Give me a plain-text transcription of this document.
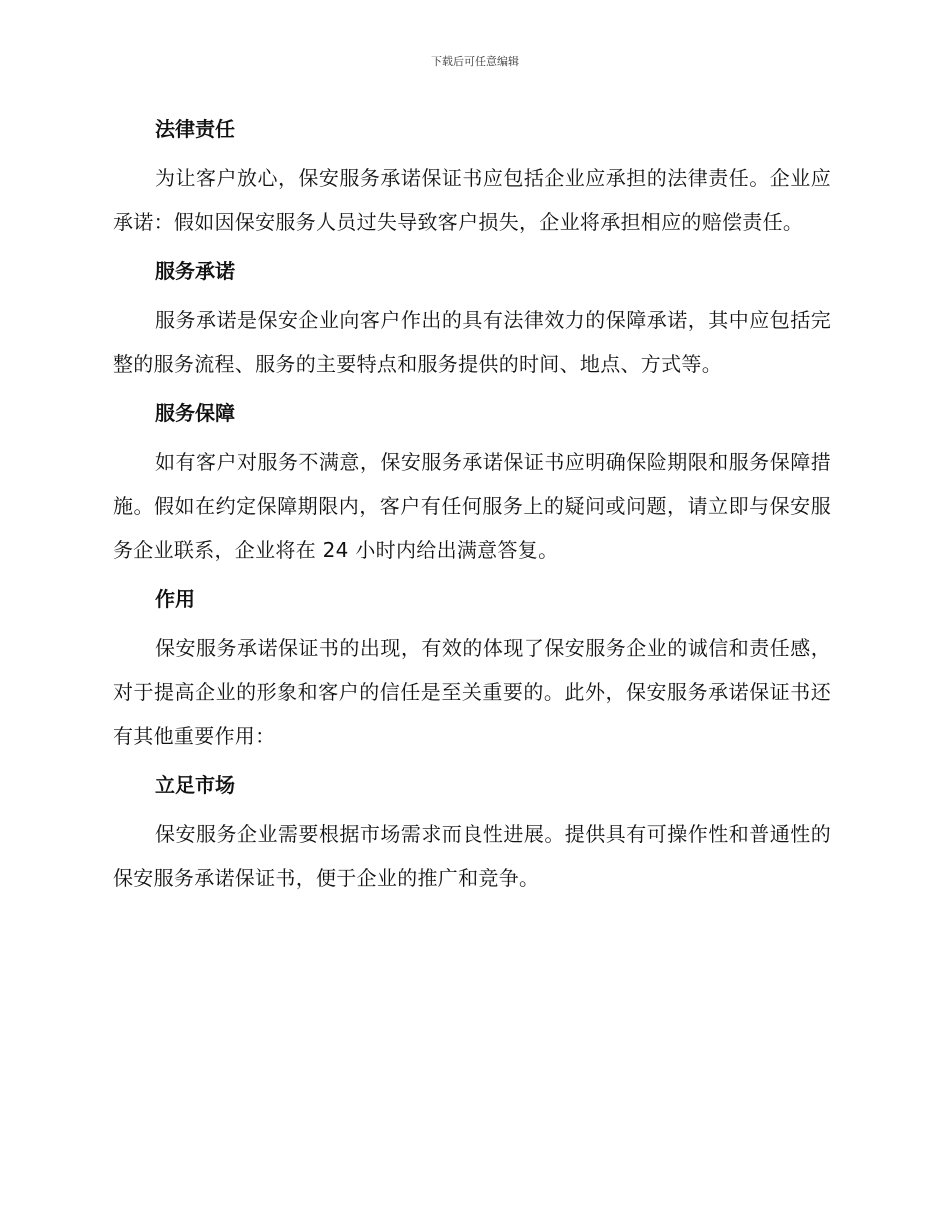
下载后可任意编辑

法律责任

为让客户放心，保安服务承诺保证书应包括企业应承担的法律责任。企业应承诺：假如因保安服务人员过失导致客户损失，企业将承担相应的赔偿责任。

服务承诺

服务承诺是保安企业向客户作出的具有法律效力的保障承诺，其中应包括完整的服务流程、服务的主要特点和服务提供的时间、地点、方式等。

服务保障

如有客户对服务不满意，保安服务承诺保证书应明确保险期限和服务保障措施。假如在约定保障期限内，客户有任何服务上的疑问或问题，请立即与保安服务企业联系，企业将在 24 小时内给出满意答复。

作用

保安服务承诺保证书的出现，有效的体现了保安服务企业的诚信和责任感，对于提高企业的形象和客户的信任是至关重要的。此外，保安服务承诺保证书还有其他重要作用：

立足市场

保安服务企业需要根据市场需求而良性进展。提供具有可操作性和普通性的保安服务承诺保证书，便于企业的推广和竞争。
